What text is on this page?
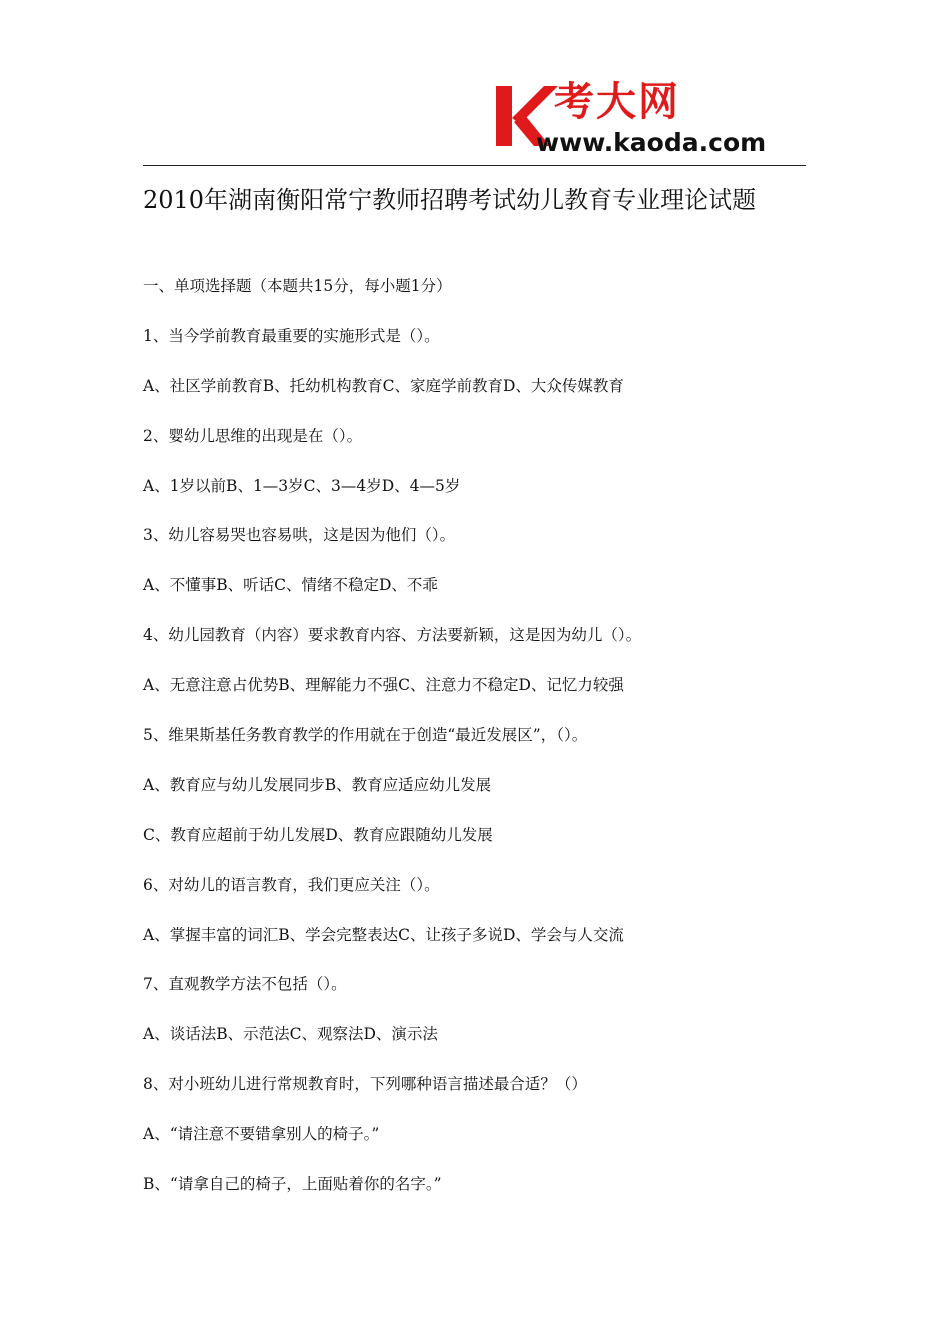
考大网
www.kaoda.com
2010年湖南衡阳常宁教师招聘考试幼儿教育专业理论试题
一、单项选择题（本题共15分，每小题1分）
1、当今学前教育最重要的实施形式是（）。
A、社区学前教育B、托幼机构教育C、家庭学前教育D、大众传媒教育
2、婴幼儿思维的出现是在（）。
A、1岁以前B、1—3岁C、3—4岁D、4—5岁
3、幼儿容易哭也容易哄，这是因为他们（）。
A、不懂事B、听话C、情绪不稳定D、不乖
4、幼儿园教育（内容）要求教育内容、方法要新颖，这是因为幼儿（）。
A、无意注意占优势B、理解能力不强C、注意力不稳定D、记忆力较强
5、维果斯基任务教育教学的作用就在于创造“最近发展区”，（）。
A、教育应与幼儿发展同步B、教育应适应幼儿发展
C、教育应超前于幼儿发展D、教育应跟随幼儿发展
6、对幼儿的语言教育，我们更应关注（）。
A、掌握丰富的词汇B、学会完整表达C、让孩子多说D、学会与人交流
7、直观教学方法不包括（）。
A、谈话法B、示范法C、观察法D、演示法
8、对小班幼儿进行常规教育时，下列哪种语言描述最合适？（）
A、“请注意不要错拿别人的椅子。”
B、“请拿自己的椅子，上面贴着你的名字。”
